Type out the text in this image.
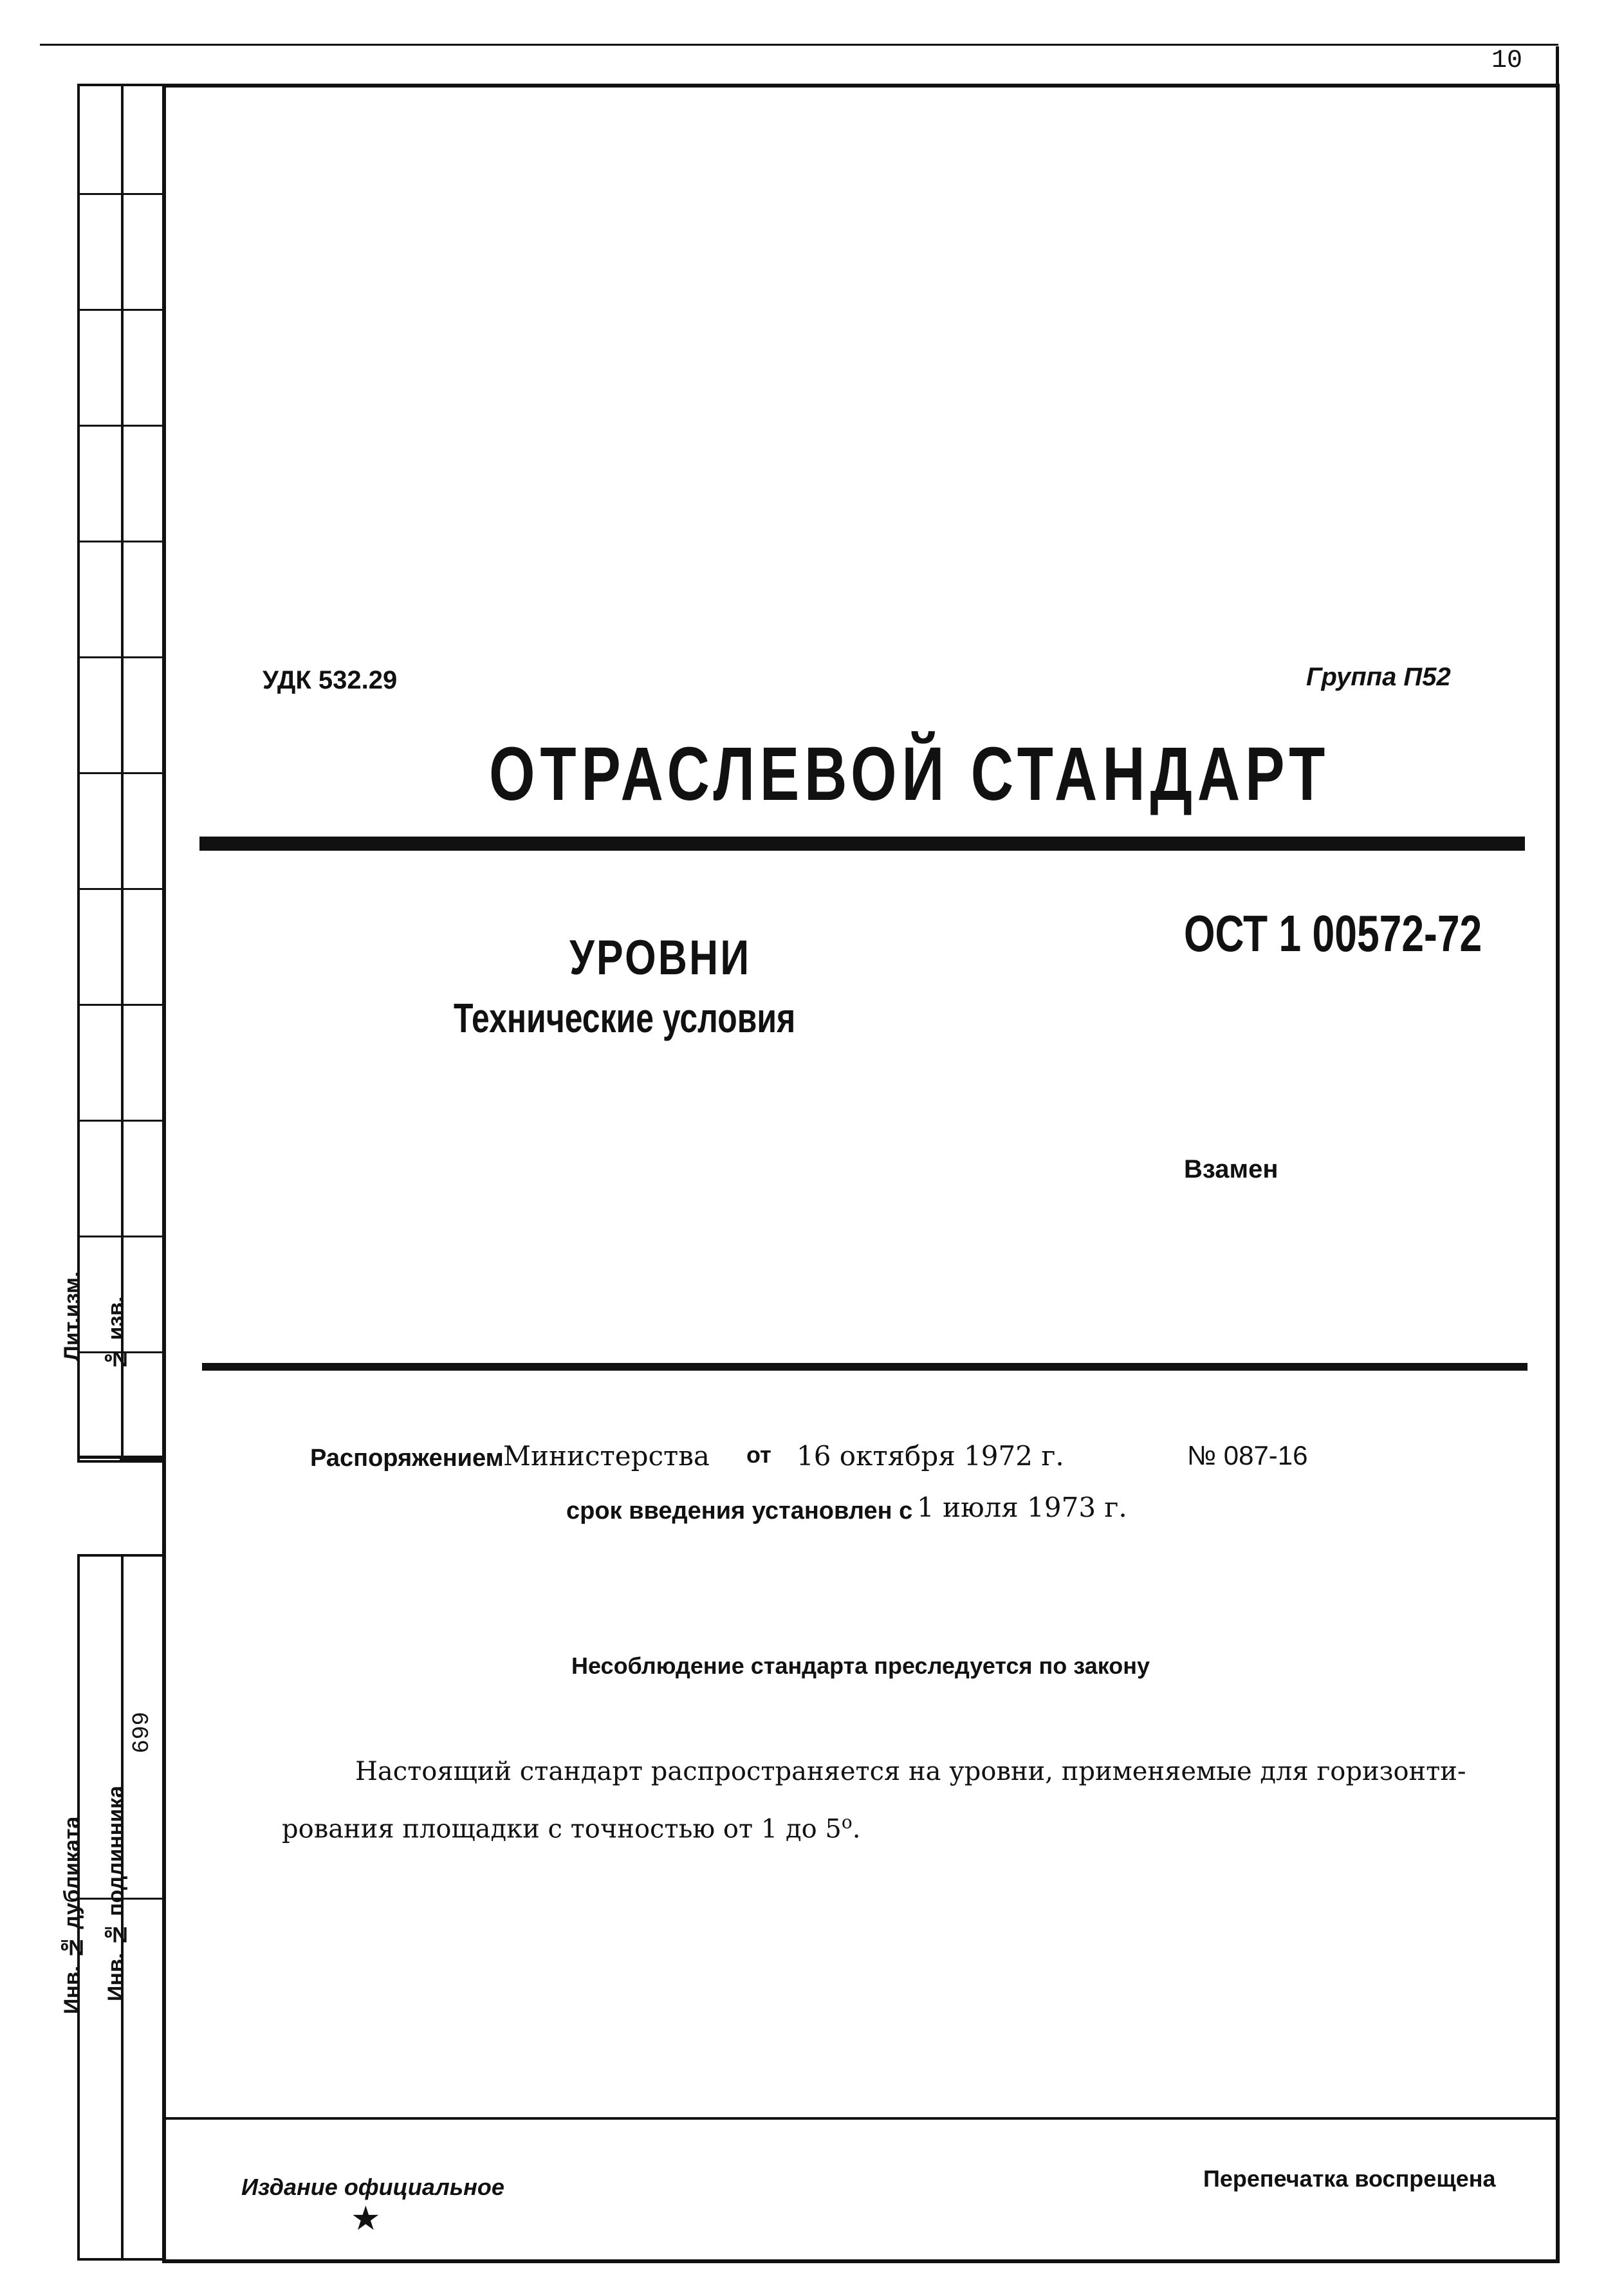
10
Лит.изм. № изв.
699
Инв. № дубликата Инв. № подлинника
УДК 532.29	Группа П52
ОТРАСЛЕВОЙ СТАНДАРТ
ОСТ 1 00572-72
УРОВНИ
Технические условия
Взамен
Распоряжением Министерства от 16 октября 1972 г.	№ 087-16
срок введения установлен с 1 июля 1973 г.
Несоблюдение стандарта преследуется по закону
Настоящий стандарт распространяется на уровни, применяемые для горизонти-
рования площадки с точностью от 1 до $5^о$.
Издание официальное
★
Перепечатка воспрещена
